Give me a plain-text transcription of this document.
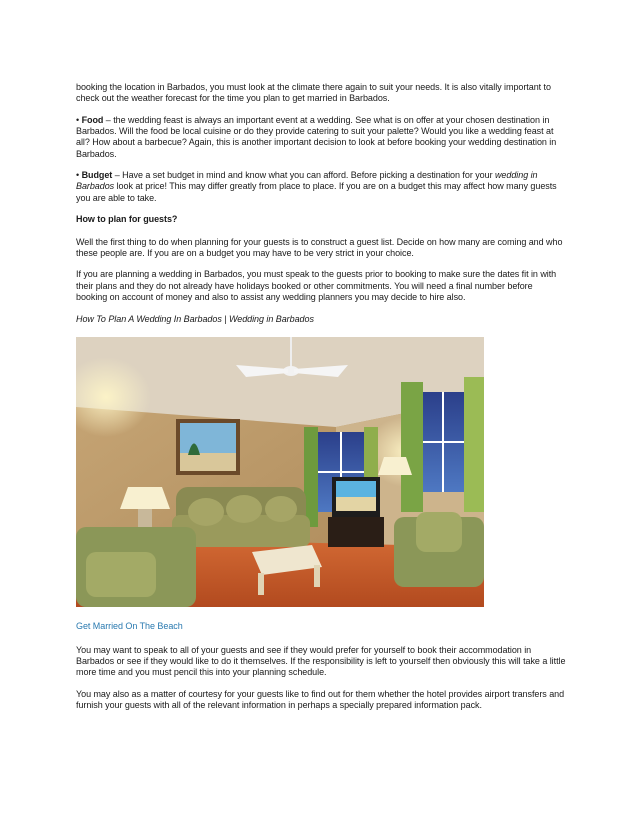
booking the location in Barbados, you must look at the climate there again to suit your needs. It is also vitally important to check out the weather forecast for the time you plan to get married in Barbados.

• Food – the wedding feast is always an important event at a wedding. See what is on offer at your chosen destination in Barbados. Will the food be local cuisine or do they provide catering to suit your palette? Would you like a wedding feast at all? How about a barbecue? Again, this is another important decision to look at before booking your wedding destination in Barbados.

• Budget – Have a set budget in mind and know what you can afford. Before picking a destination for your wedding in Barbados look at price! This may differ greatly from place to place. If you are on a budget this may affect how many guests you are able to take.

How to plan for guests?

Well the first thing to do when planning for your guests is to construct a guest list. Decide on how many are coming and who these people are. If you are on a budget you may have to be very strict in your choice.

If you are planning a wedding in Barbados, you must speak to the guests prior to booking to make sure the dates fit in with their plans and they do not already have holidays booked or other commitments. You will need a final number before booking on account of money and also to assist any wedding planners you may decide to hire also.

How To Plan A Wedding In Barbados | Wedding in Barbados

Get Married On The Beach

You may want to speak to all of your guests and see if they would prefer for yourself to book their accommodation in Barbados or see if they would like to do it themselves. If the responsibility is left to yourself then obviously this will take a little more time and you must pencil this into your planning schedule.

You may also as a matter of courtesy for your guests like to find out for them whether the hotel provides airport transfers and furnish your guests with all of the relevant information in perhaps a specially prepared information pack.
